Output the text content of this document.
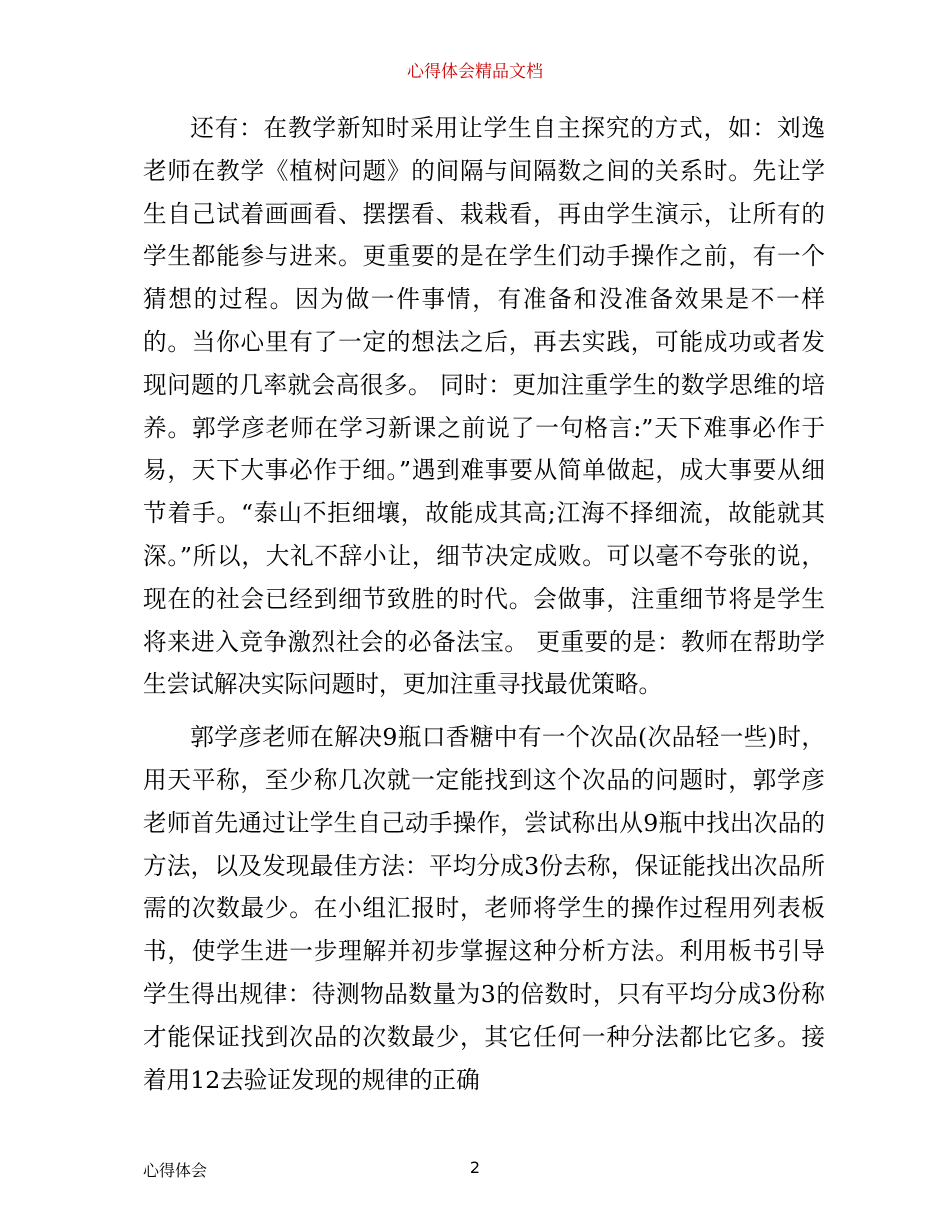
心得体会精品文档

还有：在教学新知时采用让学生自主探究的方式，如：刘逸老师在教学《植树问题》的间隔与间隔数之间的关系时。先让学生自己试着画画看、摆摆看、栽栽看，再由学生演示，让所有的学生都能参与进来。更重要的是在学生们动手操作之前，有一个猜想的过程。因为做一件事情，有准备和没准备效果是不一样的。当你心里有了一定的想法之后，再去实践，可能成功或者发现问题的几率就会高很多。 同时：更加注重学生的数学思维的培养。郭学彦老师在学习新课之前说了一句格言:”天下难事必作于易，天下大事必作于细。”遇到难事要从简单做起，成大事要从细节着手。“泰山不拒细壤，故能成其高;江海不择细流，故能就其深。”所以，大礼不辞小让，细节决定成败。可以毫不夸张的说，现在的社会已经到细节致胜的时代。会做事，注重细节将是学生将来进入竞争激烈社会的必备法宝。 更重要的是：教师在帮助学生尝试解决实际问题时，更加注重寻找最优策略。

郭学彦老师在解决9瓶口香糖中有一个次品(次品轻一些)时，用天平称，至少称几次就一定能找到这个次品的问题时，郭学彦老师首先通过让学生自己动手操作，尝试称出从9瓶中找出次品的方法，以及发现最佳方法：平均分成3份去称，保证能找出次品所需的次数最少。在小组汇报时，老师将学生的操作过程用列表板书，使学生进一步理解并初步掌握这种分析方法。利用板书引导学生得出规律：待测物品数量为3的倍数时，只有平均分成3份称才能保证找到次品的次数最少，其它任何一种分法都比它多。接着用12去验证发现的规律的正确

心得体会	2
